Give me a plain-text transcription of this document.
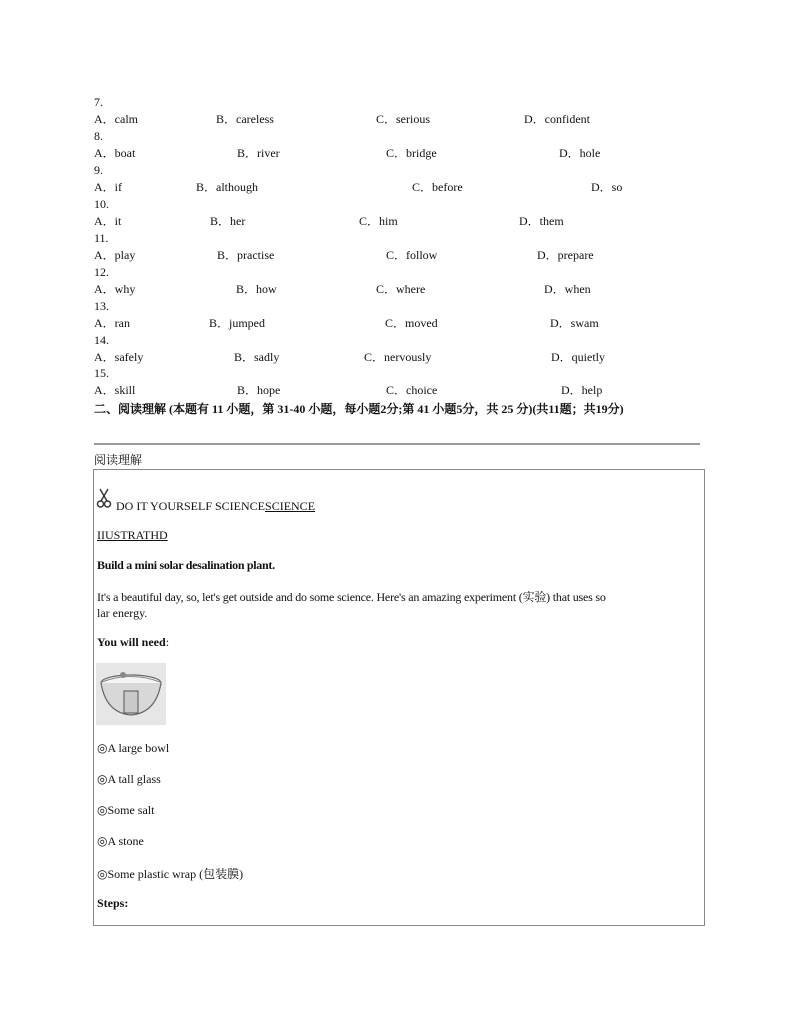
7.
A．calm	B．careless	C．serious	D．confident
8.
A．boat	B．river	C．bridge	D．hole
9.
A．if	B．although	C．before	D．so
10.
A．it	B．her	C．him	D．them
11.
A．play	B．practise	C．follow	D．prepare
12.
A．why	B．how	C．where	D．when
13.
A．ran	B．jumped	C．moved	D．swam
14.
A．safely	B．sadly	C．nervously	D．quietly
15.
A．skill	B．hope	C．choice	D．help
二、阅读理解 (本题有 11 小题，第 31-40 小题，每小题2分;第 41 小题5分，共 25 分)(共11题；共19分)
阅读理解
DO IT YOURSELF SCIENCESCIENCE
IIUSTRATHD
Build a mini solar desalination plant.
It's a beautiful day, so, let's get outside and do some science. Here's an amazing experiment (实验) that uses so
lar energy.
You will need:
◎A large bowl
◎A tall glass
◎Some salt
◎A stone
◎Some plastic wrap (包装膜)
Steps:
